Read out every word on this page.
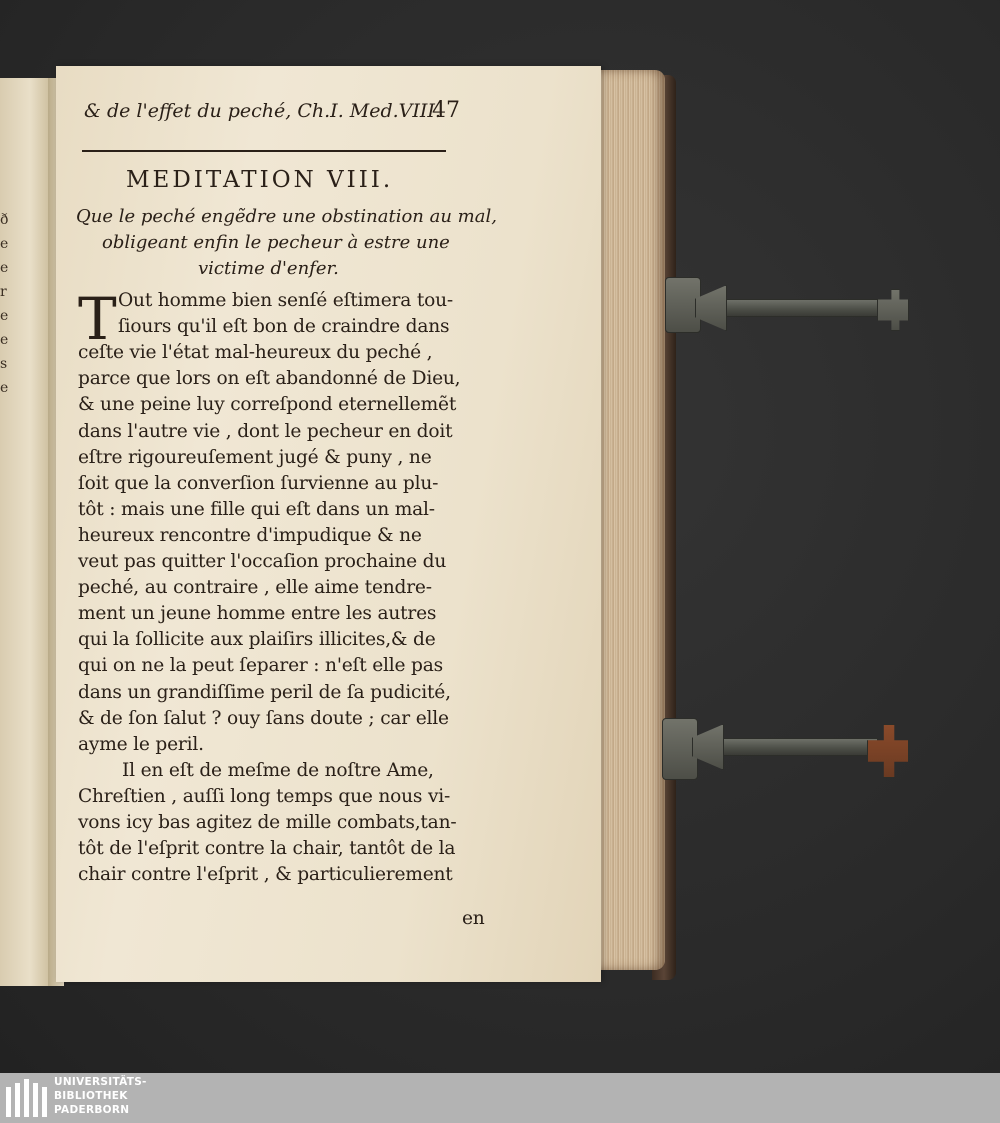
ð
e
e
r
e
e
s
e
& de l'effet du peché, Ch.I. Med.VIII.
47
MEDITATION VIII.
Que le peché engẽdre une obstination au mal,
obligeant enfin le pecheur à estre une
victime d'enfer.
T Out homme bien senſé eſtimera tou-
ſiours qu'il eſt bon de craindre dans
ceſte vie l'état mal-heureux du peché ,
parce que lors on eſt abandonné de Dieu,
& une peine luy correſpond eternellemẽt
dans l'autre vie , dont le pecheur en doit
eſtre rigoureuſement jugé & puny , ne
ſoit que la converſion ſurvienne au plu-
tôt : mais une fille qui eſt dans un mal-
heureux rencontre d'impudique & ne
veut pas quitter l'occaſion prochaine du
peché, au contraire , elle aime tendre-
ment un jeune homme entre les autres
qui la ſollicite aux plaiſirs illicites,& de
qui on ne la peut ſeparer : n'eſt elle pas
dans un grandiſſime peril de ſa pudicité,
& de ſon ſalut ? ouy ſans doute ; car elle
ayme le peril.
Il en eſt de meſme de noſtre Ame,
Chreſtien , auſſi long temps que nous vi-
vons icy bas agitez de mille combats,tan-
tôt de l'eſprit contre la chair, tantôt de la
chair contre l'eſprit , & particulierement
en
UNIVERSITÄTS-
BIBLIOTHEK
PADERBORN
